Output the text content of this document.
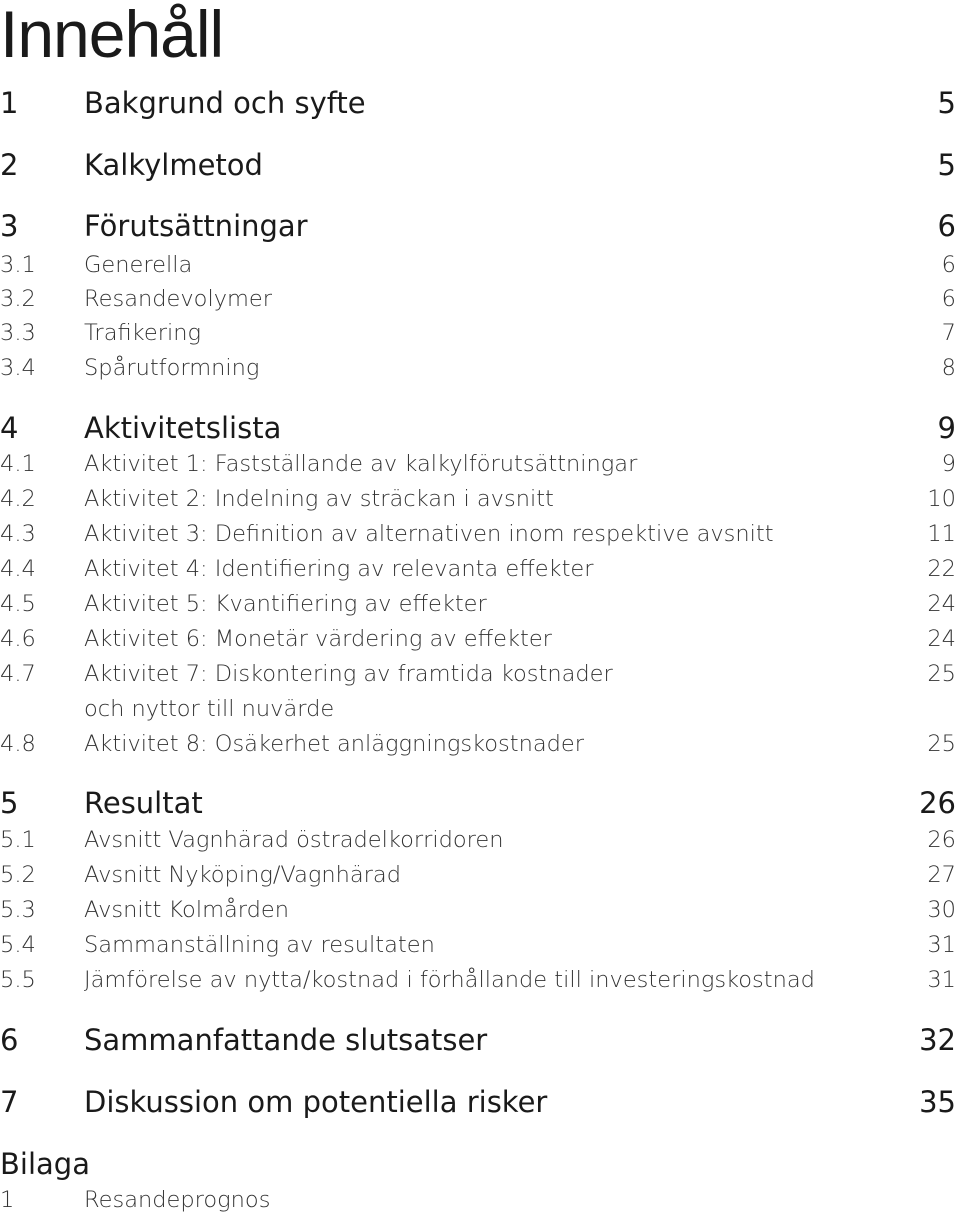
Innehåll
1 Bakgrund och syfte	5
2 Kalkylmetod	5
3 Förutsättningar	6
3.1 Generella	6
3.2 Resandevolymer	6
3.3 Trafikering	7
3.4 Spårutformning	8
4 Aktivitetslista	9
4.1 Aktivitet 1: Fastställande av kalkylförutsättningar	9
4.2 Aktivitet 2: Indelning av sträckan i avsnitt	10
4.3 Aktivitet 3: Definition av alternativen inom respektive avsnitt	11
4.4 Aktivitet 4: Identifiering av relevanta effekter	22
4.5 Aktivitet 5: Kvantifiering av effekter	24
4.6 Aktivitet 6: Monetär värdering av effekter	24
4.7 Aktivitet 7: Diskontering av framtida kostnader	25
och nyttor till nuvärde
4.8 Aktivitet 8: Osäkerhet anläggningskostnader	25
5 Resultat	26
5.1 Avsnitt Vagnhärad östradelkorridoren	26
5.2 Avsnitt Nyköping/Vagnhärad	27
5.3 Avsnitt Kolmården	30
5.4 Sammanställning av resultaten	31
5.5 Jämförelse av nytta/kostnad i förhållande till investeringskostnad	31
6 Sammanfattande slutsatser	32
7 Diskussion om potentiella risker	35
Bilaga
1	Resandeprognos
